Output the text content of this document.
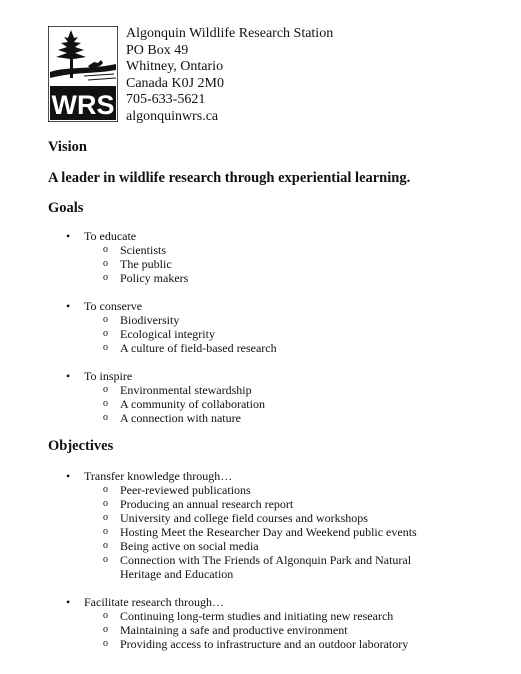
WRS
Algonquin Wildlife Research Station
PO Box 49
Whitney, Ontario
Canada K0J 2M0
705-633-5621
algonquinwrs.ca
Vision
A leader in wildlife research through experiential learning.
Goals
• To educate
o Scientists
o The public
o Policy makers
• To conserve
o Biodiversity
o Ecological integrity
o A culture of field-based research
• To inspire
o Environmental stewardship
o A community of collaboration
o A connection with nature
Objectives
• Transfer knowledge through…
o Peer-reviewed publications
o Producing an annual research report
o University and college field courses and workshops
o Hosting Meet the Researcher Day and Weekend public events
o Being active on social media
o Connection with The Friends of Algonquin Park and Natural Heritage and Education
• Facilitate research through…
o Continuing long-term studies and initiating new research
o Maintaining a safe and productive environment
o Providing access to infrastructure and an outdoor laboratory
